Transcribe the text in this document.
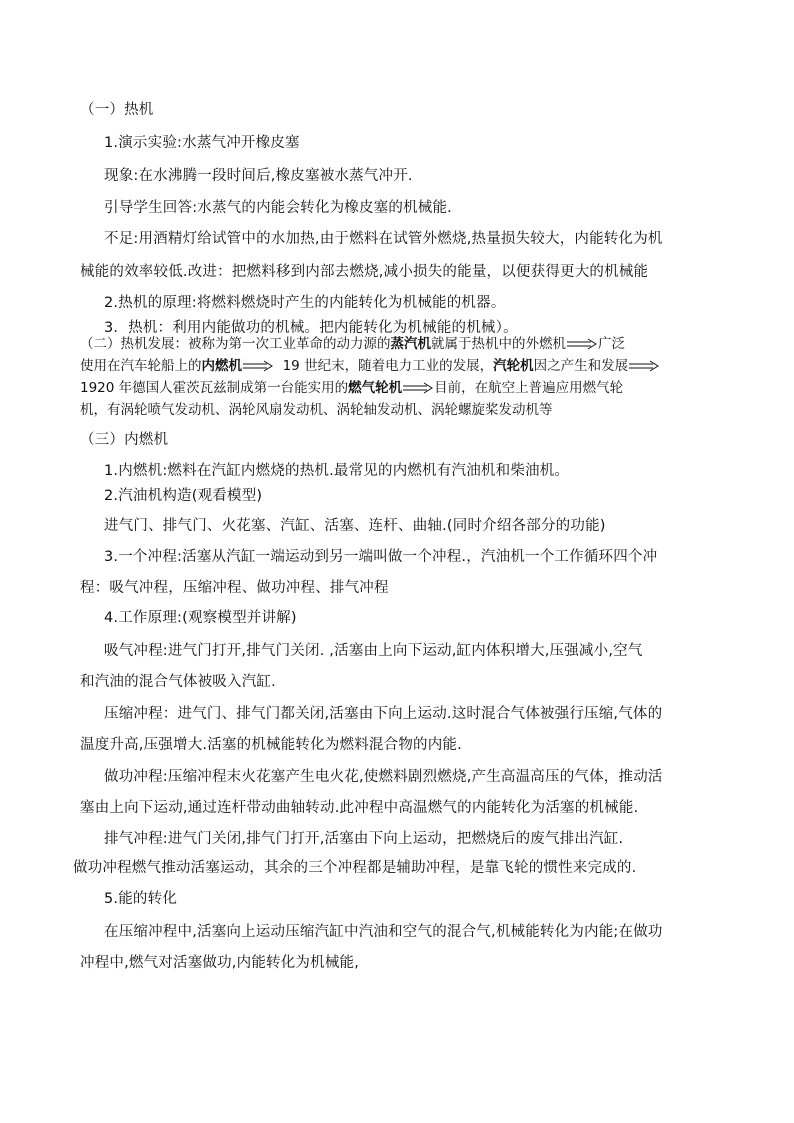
（一）热机
1.演示实验:水蒸气冲开橡皮塞
现象:在水沸腾一段时间后,橡皮塞被水蒸气冲开.
引导学生回答:水蒸气的内能会转化为橡皮塞的机械能.
不足:用酒精灯给试管中的水加热,由于燃料在试管外燃烧,热量损失较大，内能转化为机
械能的效率较低.改进：把燃料移到内部去燃烧,减小损失的能量，以便获得更大的机械能
2.热机的原理:将燃料燃烧时产生的内能转化为机械能的机器。
3．热机：利用内能做功的机械。把内能转化为机械能的机械）。
（二）热机发展：被称为第一次工业革命的动力源的蒸汽机就属于热机中的外燃机 广泛
使用在汽车轮船上的内燃机	19 世纪末，随着电力工业的发展，汽轮机因之产生和发展
1920 年德国人霍茨瓦兹制成第一台能实用的燃气轮机 目前，在航空上普遍应用燃气轮
机，有涡轮喷气发动机、涡轮风扇发动机、涡轮轴发动机、涡轮螺旋桨发动机等
（三）内燃机
1.内燃机:燃料在汽缸内燃烧的热机.最常见的内燃机有汽油机和柴油机。
2.汽油机构造(观看模型)
进气门、排气门、火花塞、汽缸、活塞、连杆、曲轴.(同时介绍各部分的功能)
3.一个冲程:活塞从汽缸一端运动到另一端叫做一个冲程.，汽油机一个工作循环四个冲
程：吸气冲程，压缩冲程、做功冲程、排气冲程
4.工作原理:(观察模型并讲解)
吸气冲程:进气门打开,排气门关闭. ,活塞由上向下运动,缸内体积增大,压强减小,空气
和汽油的混合气体被吸入汽缸.
压缩冲程：进气门、排气门都关闭,活塞由下向上运动.这时混合气体被强行压缩,气体的
温度升高,压强增大.活塞的机械能转化为燃料混合物的内能.
做功冲程:压缩冲程末火花塞产生电火花,使燃料剧烈燃烧,产生高温高压的气体，推动活
塞由上向下运动,通过连杆带动曲轴转动.此冲程中高温燃气的内能转化为活塞的机械能.
排气冲程:进气门关闭,排气门打开,活塞由下向上运动，把燃烧后的废气排出汽缸.
做功冲程燃气推动活塞运动，其余的三个冲程都是辅助冲程，是靠飞轮的惯性来完成的.
5.能的转化
在压缩冲程中,活塞向上运动压缩汽缸中汽油和空气的混合气,机械能转化为内能;在做功
冲程中,燃气对活塞做功,内能转化为机械能,
